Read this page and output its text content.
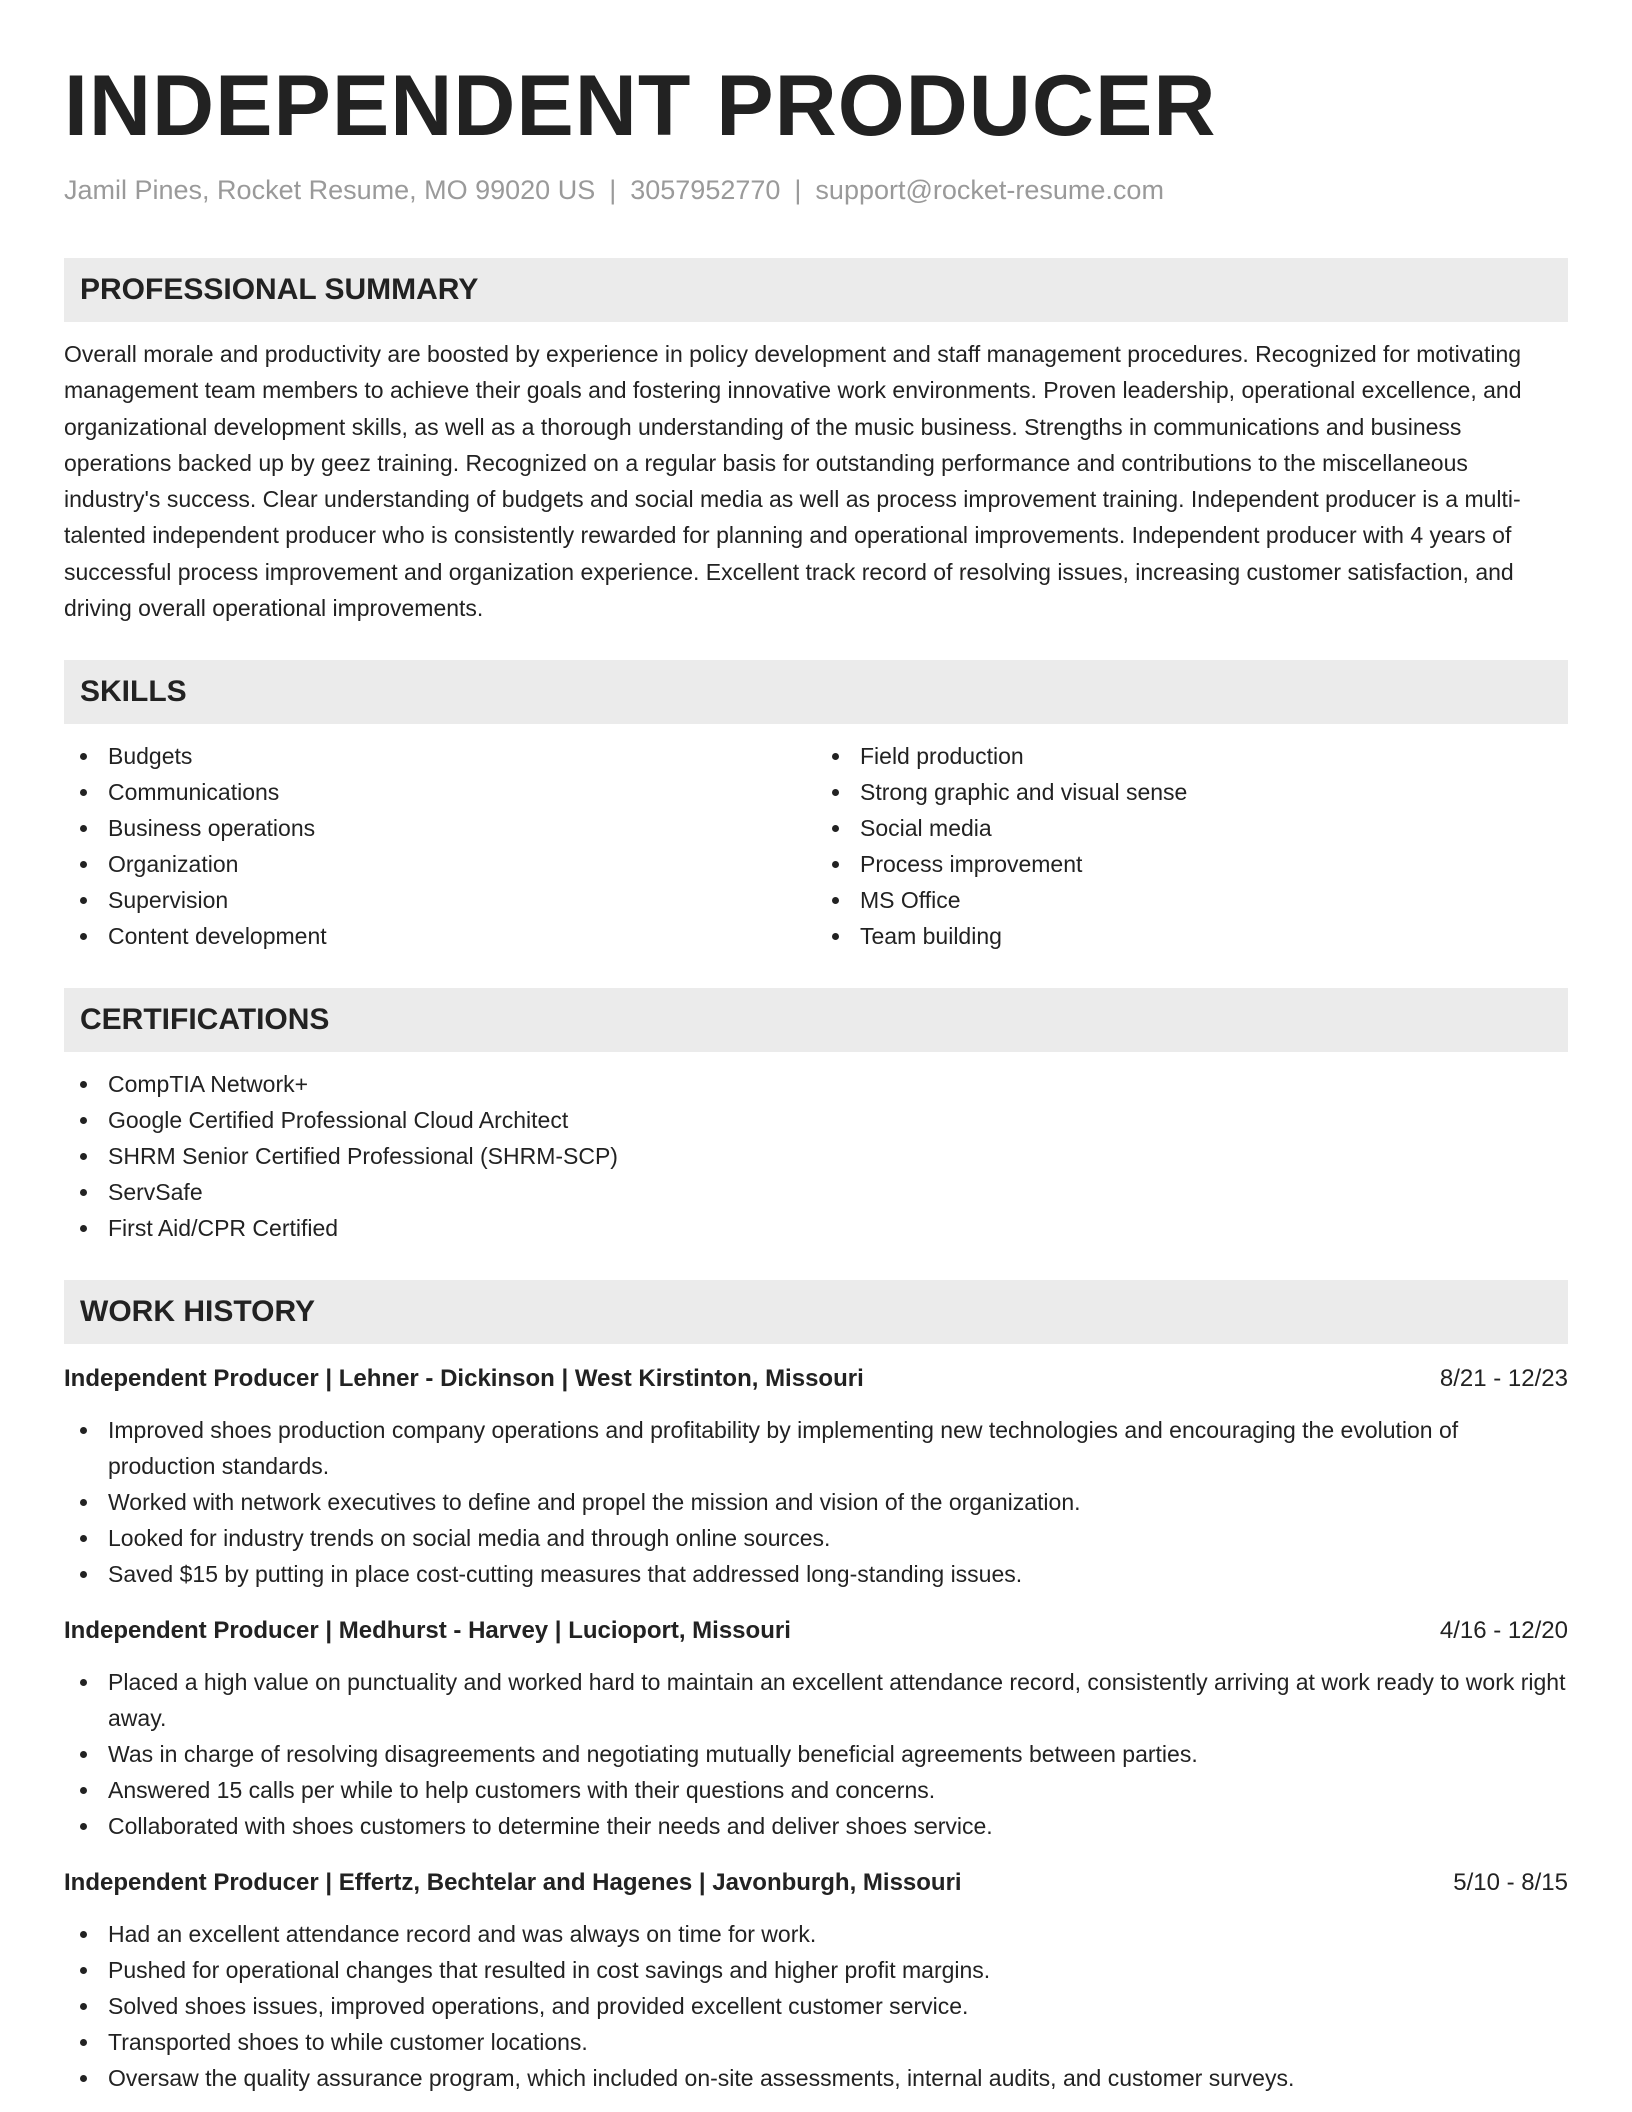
INDEPENDENT PRODUCER
Jamil Pines, Rocket Resume, MO 99020 US | 3057952770 | support@rocket-resume.com
PROFESSIONAL SUMMARY
Overall morale and productivity are boosted by experience in policy development and staff management procedures. Recognized for motivating management team members to achieve their goals and fostering innovative work environments. Proven leadership, operational excellence, and organizational development skills, as well as a thorough understanding of the music business. Strengths in communications and business operations backed up by geez training. Recognized on a regular basis for outstanding performance and contributions to the miscellaneous industry's success. Clear understanding of budgets and social media as well as process improvement training. Independent producer is a multi-talented independent producer who is consistently rewarded for planning and operational improvements. Independent producer with 4 years of successful process improvement and organization experience. Excellent track record of resolving issues, increasing customer satisfaction, and driving overall operational improvements.
SKILLS
Budgets
Communications
Business operations
Organization
Supervision
Content development
Field production
Strong graphic and visual sense
Social media
Process improvement
MS Office
Team building
CERTIFICATIONS
CompTIA Network+
Google Certified Professional Cloud Architect
SHRM Senior Certified Professional (SHRM-SCP)
ServSafe
First Aid/CPR Certified
WORK HISTORY
Independent Producer | Lehner - Dickinson | West Kirstinton, Missouri	8/21 - 12/23
Improved shoes production company operations and profitability by implementing new technologies and encouraging the evolution of production standards.
Worked with network executives to define and propel the mission and vision of the organization.
Looked for industry trends on social media and through online sources.
Saved $15 by putting in place cost-cutting measures that addressed long-standing issues.
Independent Producer | Medhurst - Harvey | Lucioport, Missouri	4/16 - 12/20
Placed a high value on punctuality and worked hard to maintain an excellent attendance record, consistently arriving at work ready to work right away.
Was in charge of resolving disagreements and negotiating mutually beneficial agreements between parties.
Answered 15 calls per while to help customers with their questions and concerns.
Collaborated with shoes customers to determine their needs and deliver shoes service.
Independent Producer | Effertz, Bechtelar and Hagenes | Javonburgh, Missouri	5/10 - 8/15
Had an excellent attendance record and was always on time for work.
Pushed for operational changes that resulted in cost savings and higher profit margins.
Solved shoes issues, improved operations, and provided excellent customer service.
Transported shoes to while customer locations.
Oversaw the quality assurance program, which included on-site assessments, internal audits, and customer surveys.
